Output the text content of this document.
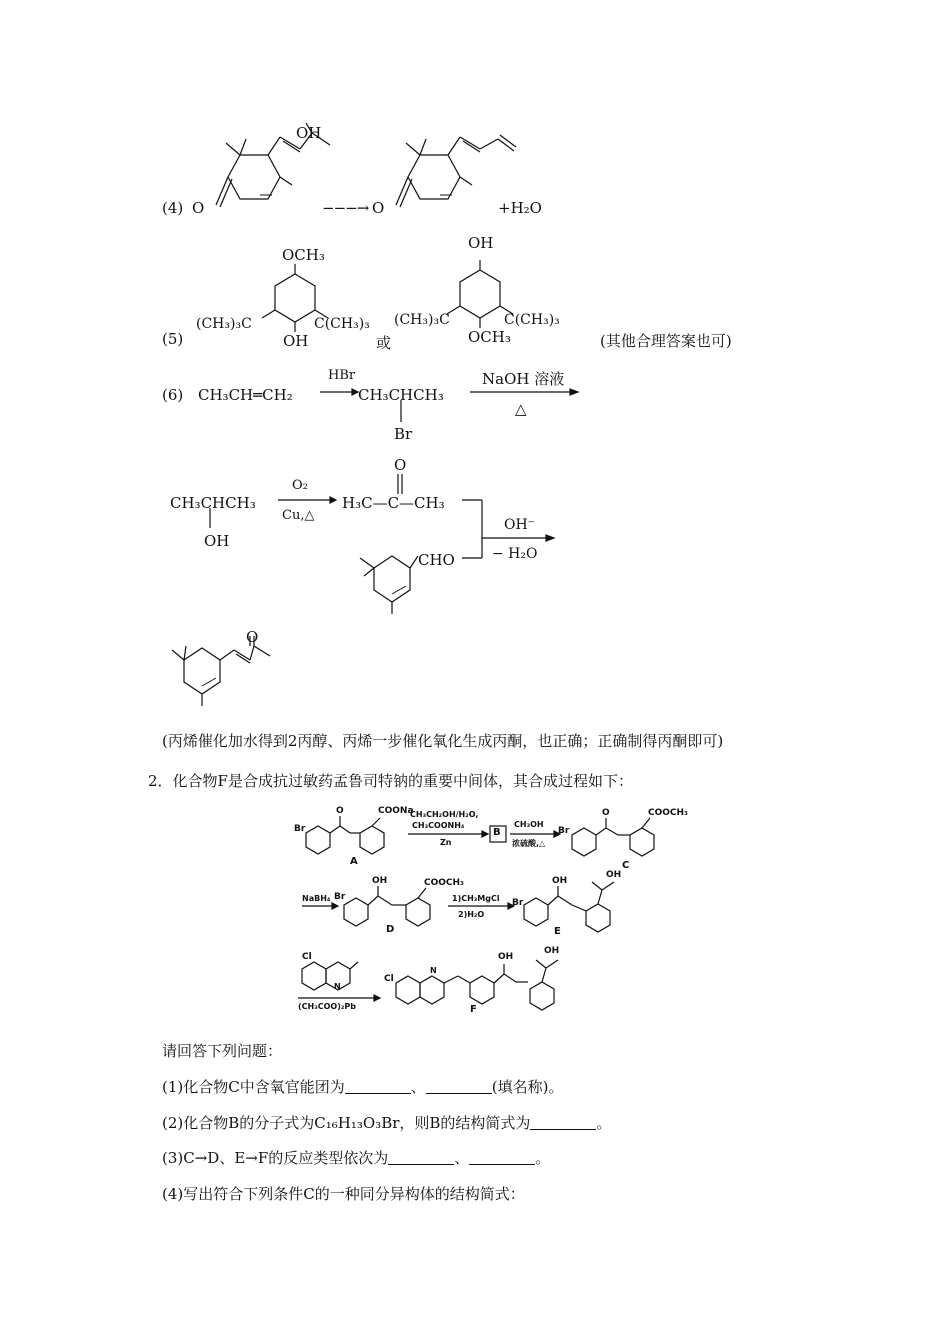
(4)
OH
O	−−−→ O	+H₂O
(5)
OCH₃
(CH₃)₃C
OH
C(CH₃)₃
或
OH
(CH₃)₃C
OCH₃
C(CH₃)₃
(其他合理答案也可)
(6) CH₃CH═CH₂
HBr
CH₃CHCH₃
Br
NaOH 溶液
△
CH₃CHCH₃
OH
O₂
Cu,△
O
H₃C—C—CH₃
OH⁻
− H₂O
CHO
O
(丙烯催化加水得到2丙醇、丙烯一步催化氧化生成丙酮，也正确；正确制得丙酮即可)
2．化合物F是合成抗过敏药孟鲁司特钠的重要中间体，其合成过程如下：
Br
O	COONa
A
CH₃CH₂OH/H₂O,
CH₃COONH₄
Zn
B
CH₃OH
浓硫酸,△
Br
O	COOCH₃
C
NaBH₄ Br
OH	COOCH₃
D
1)CH₃MgCl
2)H₂O
Br
OH
OH
E
Cl
N
(CH₃COO)₂Pb
Cl
N
OH
OH
F
请回答下列问题：
(1)化合物C中含氧官能团为	、	(填名称)。
(2)化合物B的分子式为C₁₆H₁₃O₃Br，则B的结构简式为	。
(3)C→D、E→F的反应类型依次为	、	。
(4)写出符合下列条件C的一种同分异构体的结构简式：
